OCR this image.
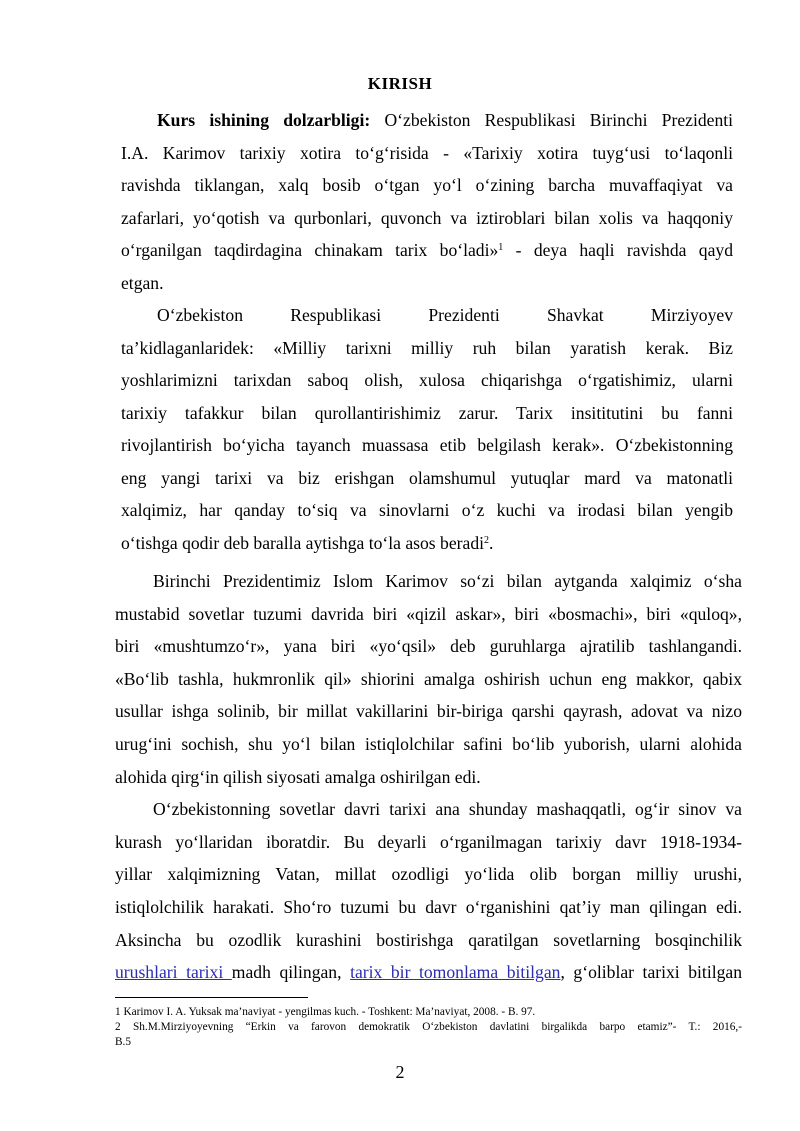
KIRISH
Kurs ishining dolzarbligi: O‘zbekiston Respublikasi Birinchi Prezidenti
I.A. Karimov tarixiy xotira to‘g‘risida - «Tarixiy xotira tuyg‘usi to‘laqonli
ravishda tiklangan, xalq bosib o‘tgan yo‘l o‘zining barcha muvaffaqiyat va
zafarlari, yo‘qotish va qurbonlari, quvonch va iztiroblari bilan xolis va haqqoniy
o‘rganilgan taqdirdagina chinakam tarix bo‘ladi»$^1$ - deya haqli ravishda qayd
etgan.
O‘zbekiston Respublikasi Prezidenti Shavkat Mirziyoyev
ta’kidlaganlaridek: «Milliy tarixni milliy ruh bilan yaratish kerak. Biz
yoshlarimizni tarixdan saboq olish, xulosa chiqarishga o‘rgatishimiz, ularni
tarixiy tafakkur bilan qurollantirishimiz zarur. Tarix insititutini bu fanni
rivojlantirish bo‘yicha tayanch muassasa etib belgilash kerak». O‘zbekistonning
eng yangi tarixi va biz erishgan olamshumul yutuqlar mard va matonatli
xalqimiz, har qanday to‘siq va sinovlarni o‘z kuchi va irodasi bilan yengib
o‘tishga qodir deb baralla aytishga to‘la asos beradi$^2$.
Birinchi Prezidentimiz Islom Karimov so‘zi bilan aytganda xalqimiz o‘sha
mustabid sovetlar tuzumi davrida biri «qizil askar», biri «bosmachi», biri «quloq»,
biri «mushtumzo‘r», yana biri «yo‘qsil» deb guruhlarga ajratilib tashlangandi.
«Bo‘lib tashla, hukmronlik qil» shiorini amalga oshirish uchun eng makkor, qabix
usullar ishga solinib, bir millat vakillarini bir-biriga qarshi qayrash, adovat va nizo
urug‘ini sochish, shu yo‘l bilan istiqlolchilar safini bo‘lib yuborish, ularni alohida
alohida qirg‘in qilish siyosati amalga oshirilgan edi.
O‘zbekistonning sovetlar davri tarixi ana shunday mashaqqatli, og‘ir sinov va
kurash yo‘llaridan iboratdir. Bu deyarli o‘rganilmagan tarixiy davr 1918-1934-
yillar xalqimizning Vatan, millat ozodligi yo‘lida olib borgan milliy urushi,
istiqlolchilik harakati. Sho‘ro tuzumi bu davr o‘rganishini qat’iy man qilingan edi.
Aksincha bu ozodlik kurashini bostirishga qaratilgan sovetlarning bosqinchilik
urushlari tarixi madh qilingan, tarix bir tomonlama bitilgan, g‘oliblar tarixi bitilgan
1 Karimov I. A. Yuksak ma’naviyat - yengilmas kuch. - Toshkent: Ma’naviyat, 2008. - B. 97.
2 Sh.M.Mirziyoyevning “Erkin va farovon demokratik O‘zbekiston davlatini birgalikda barpo etamiz”- T.: 2016,-
B.5
2
